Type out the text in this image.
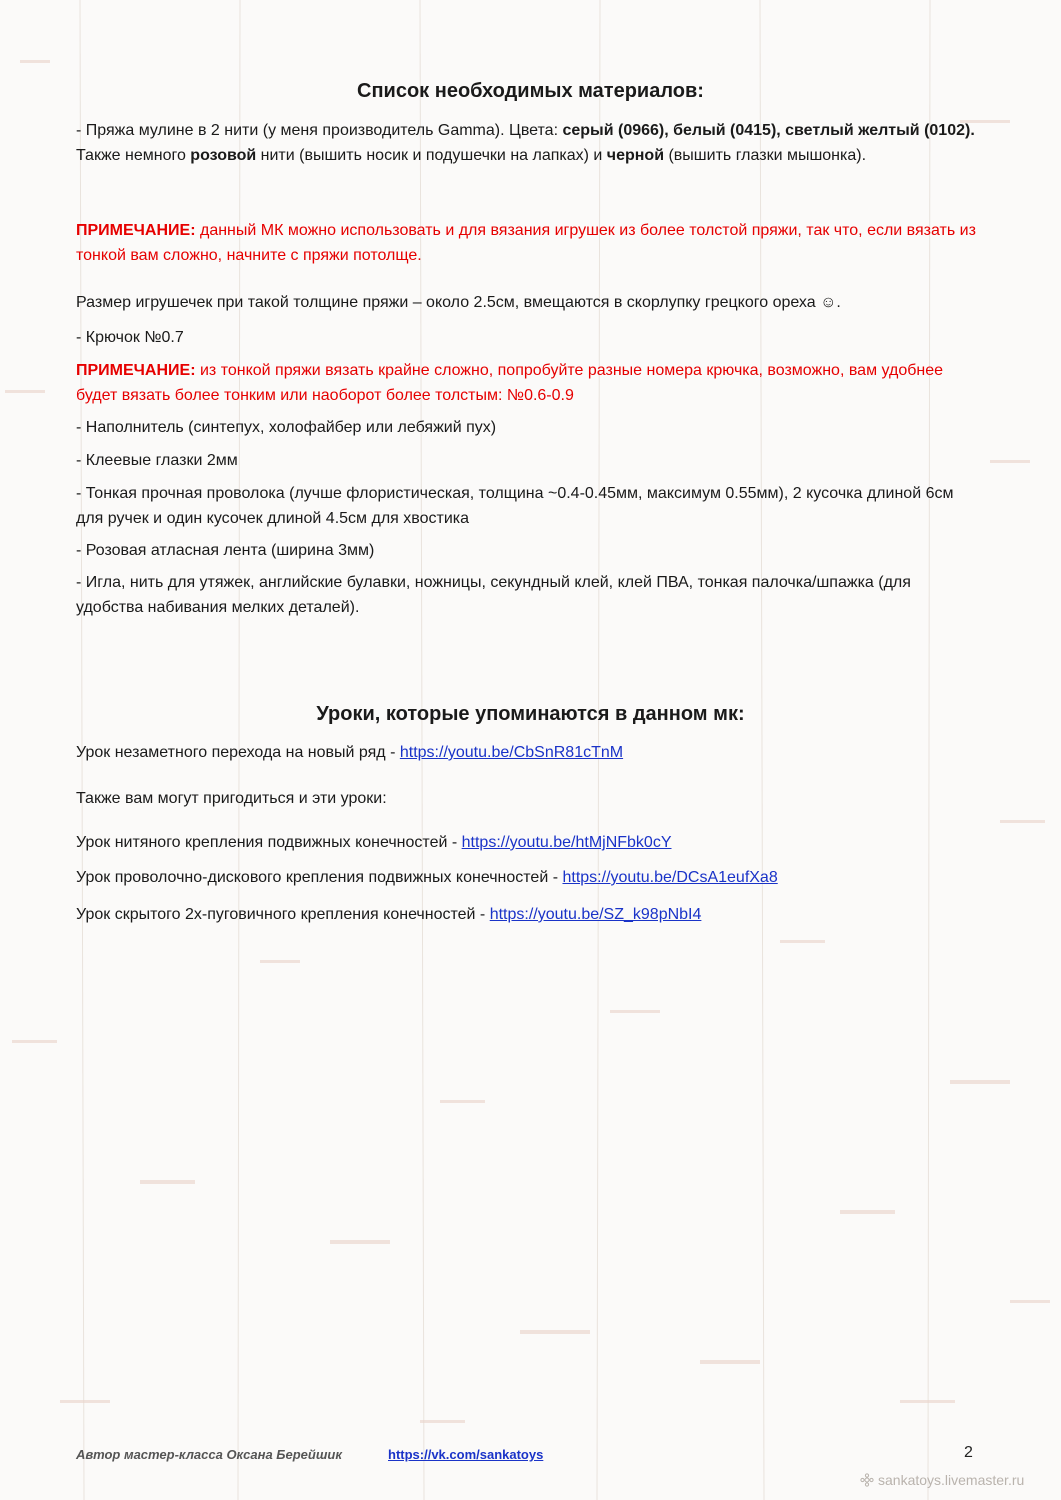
Список необходимых материалов:

- Пряжа мулине в 2 нити (у меня производитель Gamma). Цвета: серый (0966), белый (0415), светлый желтый (0102). Также немного розовой нити (вышить носик и подушечки на лапках) и черной (вышить глазки мышонка).

ПРИМЕЧАНИЕ: данный МК можно использовать и для вязания игрушек из более толстой пряжи, так что, если вязать из тонкой вам сложно, начните с пряжи потолще.

Размер игрушечек при такой толщине пряжи – около 2.5см, вмещаются в скорлупку грецкого ореха ☺.

- Крючок №0.7

ПРИМЕЧАНИЕ: из тонкой пряжи вязать крайне сложно, попробуйте разные номера крючка, возможно, вам удобнее будет вязать более тонким или наоборот более толстым: №0.6-0.9

- Наполнитель (синтепух, холофайбер или лебяжий пух)

- Клеевые глазки 2мм

- Тонкая прочная проволока (лучше флористическая, толщина ~0.4-0.45мм, максимум 0.55мм), 2 кусочка длиной 6см для ручек и один кусочек длиной 4.5см для хвостика

- Розовая атласная лента (ширина 3мм)

- Игла, нить для утяжек, английские булавки, ножницы, секундный клей, клей ПВА, тонкая палочка/шпажка (для удобства набивания мелких деталей).

Уроки, которые упоминаются в данном мк:

Урок незаметного перехода на новый ряд - https://youtu.be/CbSnR81cTnM

Также вам могут пригодиться и эти уроки:

Урок нитяного крепления подвижных конечностей - https://youtu.be/htMjNFbk0cY

Урок проволочно-дискового крепления подвижных конечностей - https://youtu.be/DCsA1eufXa8

Урок скрытого 2х-пуговичного крепления конечностей - https://youtu.be/SZ_k98pNbI4

Автор мастер-класса Оксана Берейшик	https://vk.com/sankatoys	2
sankatoys.livemaster.ru
